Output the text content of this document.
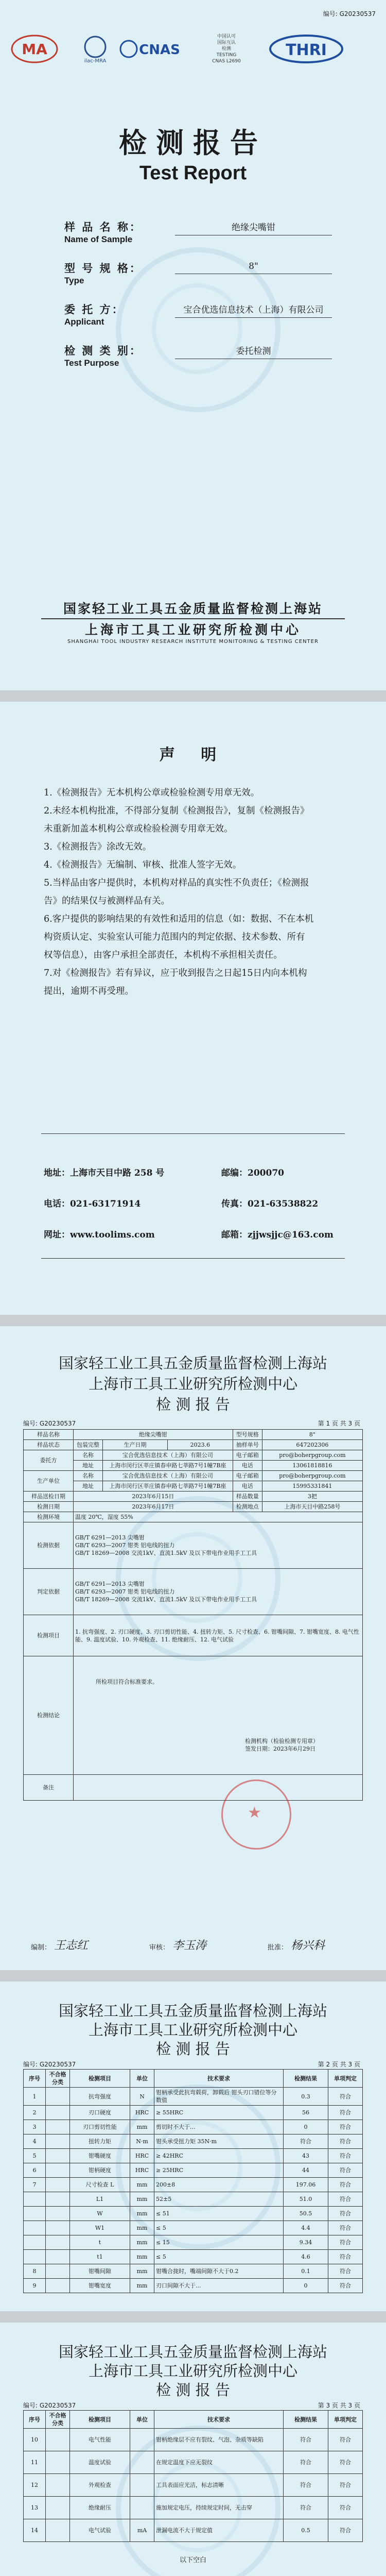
编号: G20230537
MA
ilac-MRA
CNAS
中国认可
国际互认
检测
TESTING
CNAS L2690
THRI
检测报告
Test Report
样 品 名 称：
Name of Sample
绝缘尖嘴钳
型 号 规 格：
Type
8"
委 托 方：
Applicant
宝合优选信息技术（上海）有限公司
检 测 类 别：
Test Purpose
委托检测
国家轻工业工具五金质量监督检测上海站
上海市工具工业研究所检测中心
SHANGHAI TOOL INDUSTRY RESEARCH INSTITUTE MONITORING & TESTING CENTER
声 明
1.《检测报告》无本机构公章或检验检测专用章无效。
2.未经本机构批准，不得部分复制《检测报告》，复制《检测报告》
未重新加盖本机构公章或检验检测专用章无效。
3.《检测报告》涂改无效。
4.《检测报告》无编制、审核、批准人签字无效。
5.当样品由客户提供时，本机构对样品的真实性不负责任；《检测报
告》的结果仅与被测样品有关。
6.客户提供的影响结果的有效性和适用的信息（如：数据、不在本机
构资质认定、实验室认可能力范围内的判定依据、技术参数、所有
权等信息），由客户承担全部责任，本机构不承担相关责任。
7.对《检测报告》若有异议，应于收到报告之日起15日内向本机构
提出，逾期不再受理。
地址：上海市天目中路 258 号	邮编：200070
电话：021-63171914	传真：021-63538822
网址：www.toolims.com	邮箱：zjjwsjjc@163.com
国家轻工业工具五金质量监督检测上海站
上海市工具工业研究所检测中心
检 测 报 告
编号: G20230537	第 1 页 共 3 页
样品名称	绝缘尖嘴钳			型号规格	8"
样品状态	包装完整	生产日期	2023.6	抽样单号	647202306
委托方	名称	宝合优选信息技术（上海）有限公司		电子邮箱	pro@boherpgroup.com
	地址	上海市闵行区莘庄镇春申路七莘路7号1幢7B座		电话	13061818816
生产单位	名称	宝合优选信息技术（上海）有限公司		电子邮箱	pro@boherpgroup.com
	地址	上海市闵行区莘庄镇春申路七莘路7号1幢7B座		电话	15995331841
样品送检日期	2023年6月15日			样品数量	3把
检测日期	2023年6月17日			检测地点	上海市天目中路258号
检测环境	温度 20℃，湿度 55%				
检测依据	GB/T 6291—2013 尖嘴钳
GB/T 6293—2007 钳类 铝电线的扭力
GB/T 18269—2008 交流1kV、直流1.5kV 及以下带电作业用手工工具				

判定依据	GB/T 6291—2013 尖嘴钳
GB/T 6293—2007 钳类 铝电线的扭力
GB/T 18269—2008 交流1kV、直流1.5kV 及以下带电作业用手工工具				

检测项目	1. 抗弯强度、2. 刃口硬度、3. 刃口剪切性能、4. 扭转力矩、5. 尺寸检查、6. 钳嘴间隙、7. 钳嘴宽度、8. 电气性能、9. 温度试验、10. 外观检查、11. 绝缘耐压、12. 电气试验				
检测结论	所检项目符合标准要求。
检测机构（检验检测专用章）
签发日期：2023年6月29日				

备注					
★
编制： 王志红	审核： 李玉涛	批准： 杨兴科
国家轻工业工具五金质量监督检测上海站
上海市工具工业研究所检测中心
检 测 报 告
编号: G20230537	第 2 页 共 3 页
序号	不合格分类	检测项目	单位	技术要求	检测结果	单项判定
1		抗弯强度	N	钳柄承受此抗弯载荷，卸载后 钳头刃口错位等分数值	0.3	符合
2		刃口硬度	HRC	≥ 55HRC	56	符合
3		刃口剪切性能	mm	剪切时不大于...	0	符合
4		扭转力矩	N·m	钳头承受扭力矩 35N·m	符合	符合
5		钳嘴硬度	HRC	≥ 42HRC	43	符合
6		钳柄硬度	HRC	≥ 25HRC	44	符合
7		尺寸检查 L	mm	200±8	197.06	符合
		L1	mm	52±5	51.0	符合
		W	mm	≤ 51	50.5	符合
		W1	mm	≤ 5	4.4	符合
		t	mm	≤ 15	9.34	符合
		t1	mm	≤ 5	4.6	符合
8		钳嘴间隙	mm	钳嘴合拢时，嘴端间隙不大于0.2	0.1	符合
9		钳嘴宽度	mm	刃口间隙不大于...	0	符合
国家轻工业工具五金质量监督检测上海站
上海市工具工业研究所检测中心
检 测 报 告
编号: G20230537	第 3 页 共 3 页
序号	不合格分类	检测项目	单位	技术要求	检测结果	单项判定
10		电气性能		钳柄绝缘层不应有裂纹、气泡、杂质等缺陷	符合	符合
11		温度试验		在规定温度下应无裂纹	符合	符合
12		外观检查		工具表面应光洁，标志清晰	符合	符合
13		绝缘耐压		施加规定电压，持续规定时间，无击穿	符合	符合
14		电气试验	mA	泄漏电流不大于规定值	0.5	符合
以下空白
